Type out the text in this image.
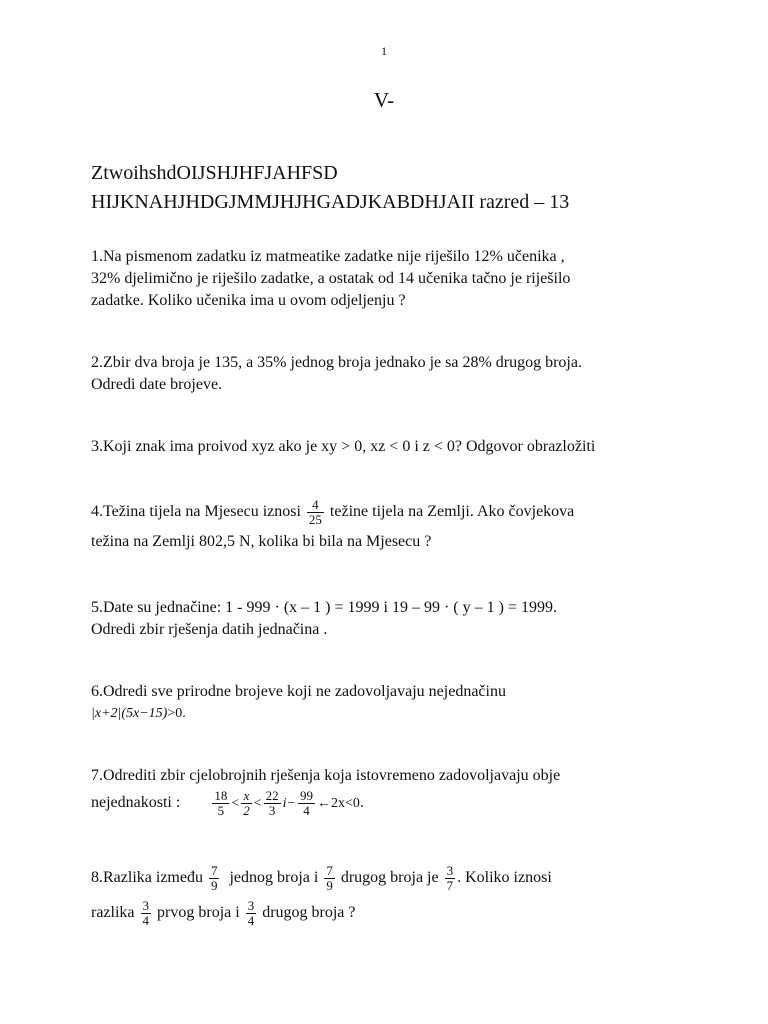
1
V-
ZtwoihshdOIJSHJHFJAHFSD
HIJKNAHJHDGJMMJHJHGADJKABDHJAII razred – 13
1.Na pismenom zadatku iz matmeatike zadatke nije riješilo 12% učenika ,
32% djelimično je riješilo zadatke, a ostatak od 14 učenika tačno je riješilo
zadatke. Koliko učenika ima u ovom odjeljenju ?
2.Zbir dva broja je 135, a 35% jednog broja jednako je sa 28% drugog broja.
Odredi date brojeve.
3.Koji znak ima proivod xyz ako je xy > 0, xz < 0 i z < 0? Odgovor obrazložiti
4.Težina tijela na Mjesecu iznosi $\frac{4}{25}$ težine tijela na Zemlji. Ako čovjekova
težina na Zemlji 802,5 N, kolika bi bila na Mjesecu ?
5.Date su jednačine: 1 - 999 · (x – 1 ) = 1999 i 19 – 99 · ( y – 1 ) = 1999.
Odredi zbir rješenja datih jednačina .
6.Odredi sve prirodne brojeve koji ne zadovoljavaju nejednačinu
|x+2|(5x−15)>0.
7.Odrediti zbir cjelobrojnih rješenja koja istovremeno zadovoljavaju obje
nejednakosti : $\frac{18}{5} < \frac{x}{2} < \frac{22}{3} i- \frac{99}{4}$ ←2x<0.
8.Razlika između $\frac{7}{9}$ jednog broja i $\frac{7}{9}$ drugog broja je $\frac{3}{7}$ . Koliko iznosi
razlika $\frac{3}{4}$ prvog broja i $\frac{3}{4}$ drugog broja ?
